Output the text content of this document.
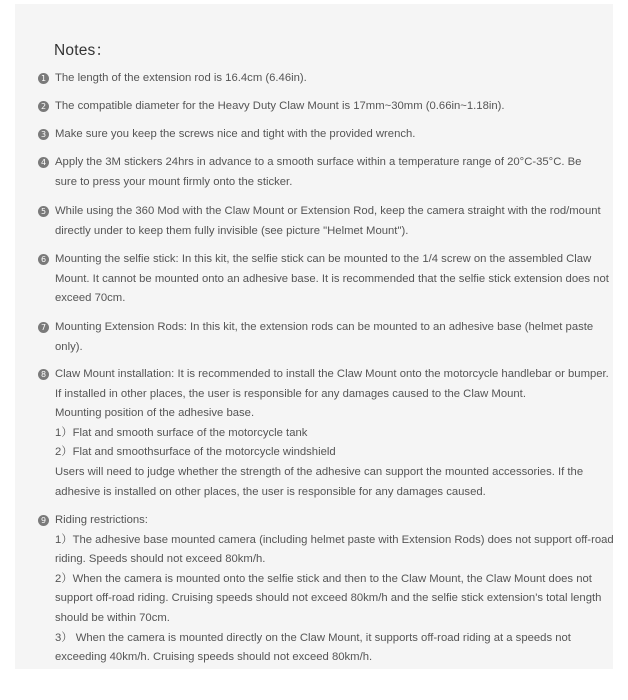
Notes：
1 The length of the extension rod is 16.4cm (6.46in).
2 The compatible diameter for the Heavy Duty Claw Mount is 17mm~30mm (0.66in~1.18in).
3 Make sure you keep the screws nice and tight with the provided wrench.
4 Apply the 3M stickers 24hrs in advance to a smooth surface within a temperature range of 20°C-35°C. Be
sure to press your mount firmly onto the sticker.
5 While using the 360 Mod with the Claw Mount or Extension Rod, keep the camera straight with the rod/mount
directly under to keep them fully invisible (see picture "Helmet Mount").
6 Mounting the selfie stick: In this kit, the selfie stick can be mounted to the 1/4 screw on the assembled Claw
Mount. It cannot be mounted onto an adhesive base. It is recommended that the selfie stick extension does not
exceed 70cm.
7 Mounting Extension Rods: In this kit, the extension rods can be mounted to an adhesive base (helmet paste
only).
8 Claw Mount installation: It is recommended to install the Claw Mount onto the motorcycle handlebar or bumper.
If installed in other places, the user is responsible for any damages caused to the Claw Mount.
Mounting position of the adhesive base.
1）Flat and smooth surface of the motorcycle tank
2）Flat and smoothsurface of the motorcycle windshield
Users will need to judge whether the strength of the adhesive can support the mounted accessories. If the
adhesive is installed on other places, the user is responsible for any damages caused.
9 Riding restrictions:
1）The adhesive base mounted camera (including helmet paste with Extension Rods) does not support off-road
riding. Speeds should not exceed 80km/h.
2）When the camera is mounted onto the selfie stick and then to the Claw Mount, the Claw Mount does not
support off-road riding. Cruising speeds should not exceed 80km/h and the selfie stick extension's total length
should be within 70cm.
3） When the camera is mounted directly on the Claw Mount, it supports off-road riding at a speeds not
exceeding 40km/h. Cruising speeds should not exceed 80km/h.
